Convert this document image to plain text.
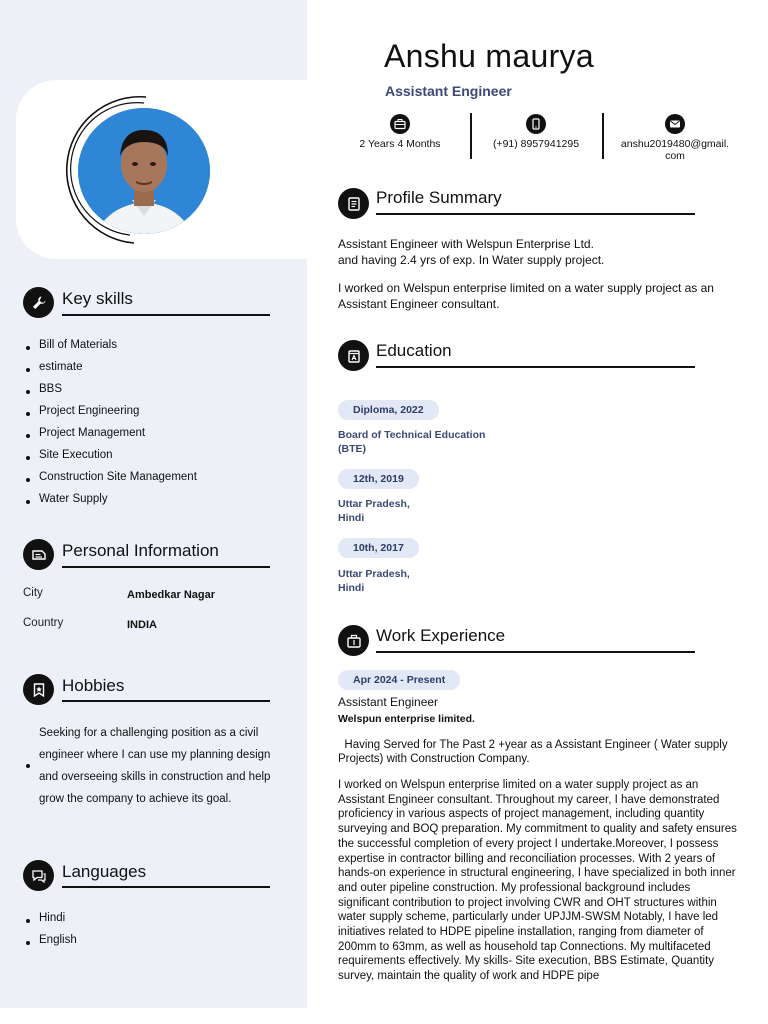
Anshu maurya
Assistant Engineer
2 Years 4 Months	(+91) 8957941295	anshu2019480@gmail.
com
Key skills
Bill of Materials
estimate
BBS
Project Engineering
Project Management
Site Execution
Construction Site Management
Water Supply
Personal Information
City	Ambedkar Nagar
Country	INDIA
Hobbies
Seeking for a challenging position as a civil engineer where I can use my planning design and overseeing skills in construction and help grow the company to achieve its goal.
Languages
Hindi
English
Profile Summary
Assistant Engineer with Welspun Enterprise Ltd.
and having 2.4 yrs of exp. In Water supply project.
I worked on Welspun enterprise limited on a water supply project as an Assistant Engineer consultant.
Education
Diploma, 2022
Board of Technical Education
(BTE)
12th, 2019
Uttar Pradesh,
Hindi
10th, 2017
Uttar Pradesh,
Hindi
Work Experience
Apr 2024 - Present
Assistant Engineer
Welspun enterprise limited.
Having Served for The Past 2 +year as a Assistant Engineer ( Water supply Projects) with Construction Company.
I worked on Welspun enterprise limited on a water supply project as an Assistant Engineer consultant. Throughout my career, I have demonstrated proficiency in various aspects of project management, including quantity surveying and BOQ preparation. My commitment to quality and safety ensures the successful completion of every project I undertake.Moreover, I possess expertise in contractor billing and reconciliation processes. With 2 years of hands-on experience in structural engineering, I have specialized in both inner and outer pipeline construction. My professional background includes significant contribution to project involving CWR and OHT structures within water supply scheme, particularly under UPJJM-SWSM Notably, I have led initiatives related to HDPE pipeline installation, ranging from diameter of 200mm to 63mm, as well as household tap Connections. My multifaceted requirements effectively. My skills- Site execution, BBS Estimate, Quantity survey, maintain the quality of work and HDPE pipe
